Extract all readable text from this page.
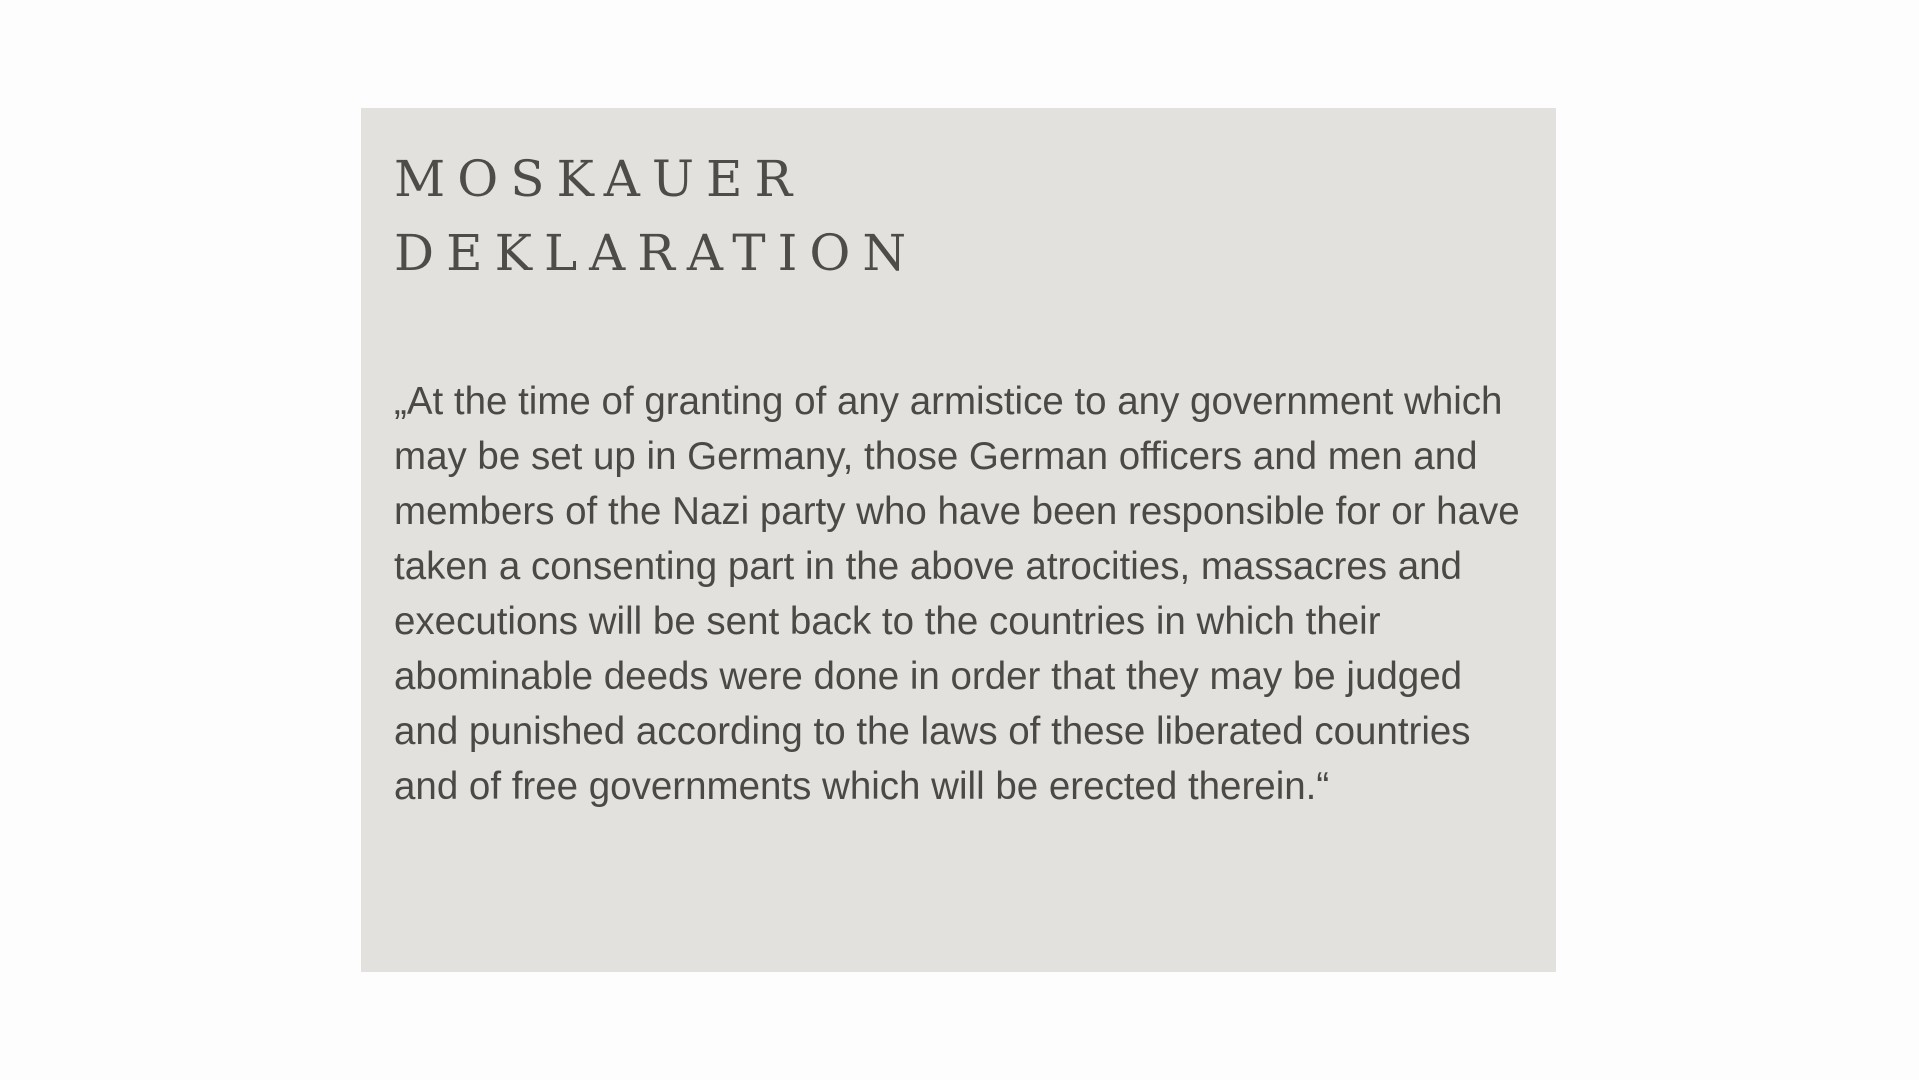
MOSKAUER
DEKLARATION

„At the time of granting of any armistice to any government which may be set up in Germany, those German officers and men and members of the Nazi party who have been responsible for or have taken a consenting part in the above atrocities, massacres and executions will be sent back to the countries in which their abominable deeds were done in order that they may be judged and punished according to the laws of these liberated countries and of free governments which will be erected therein.“
